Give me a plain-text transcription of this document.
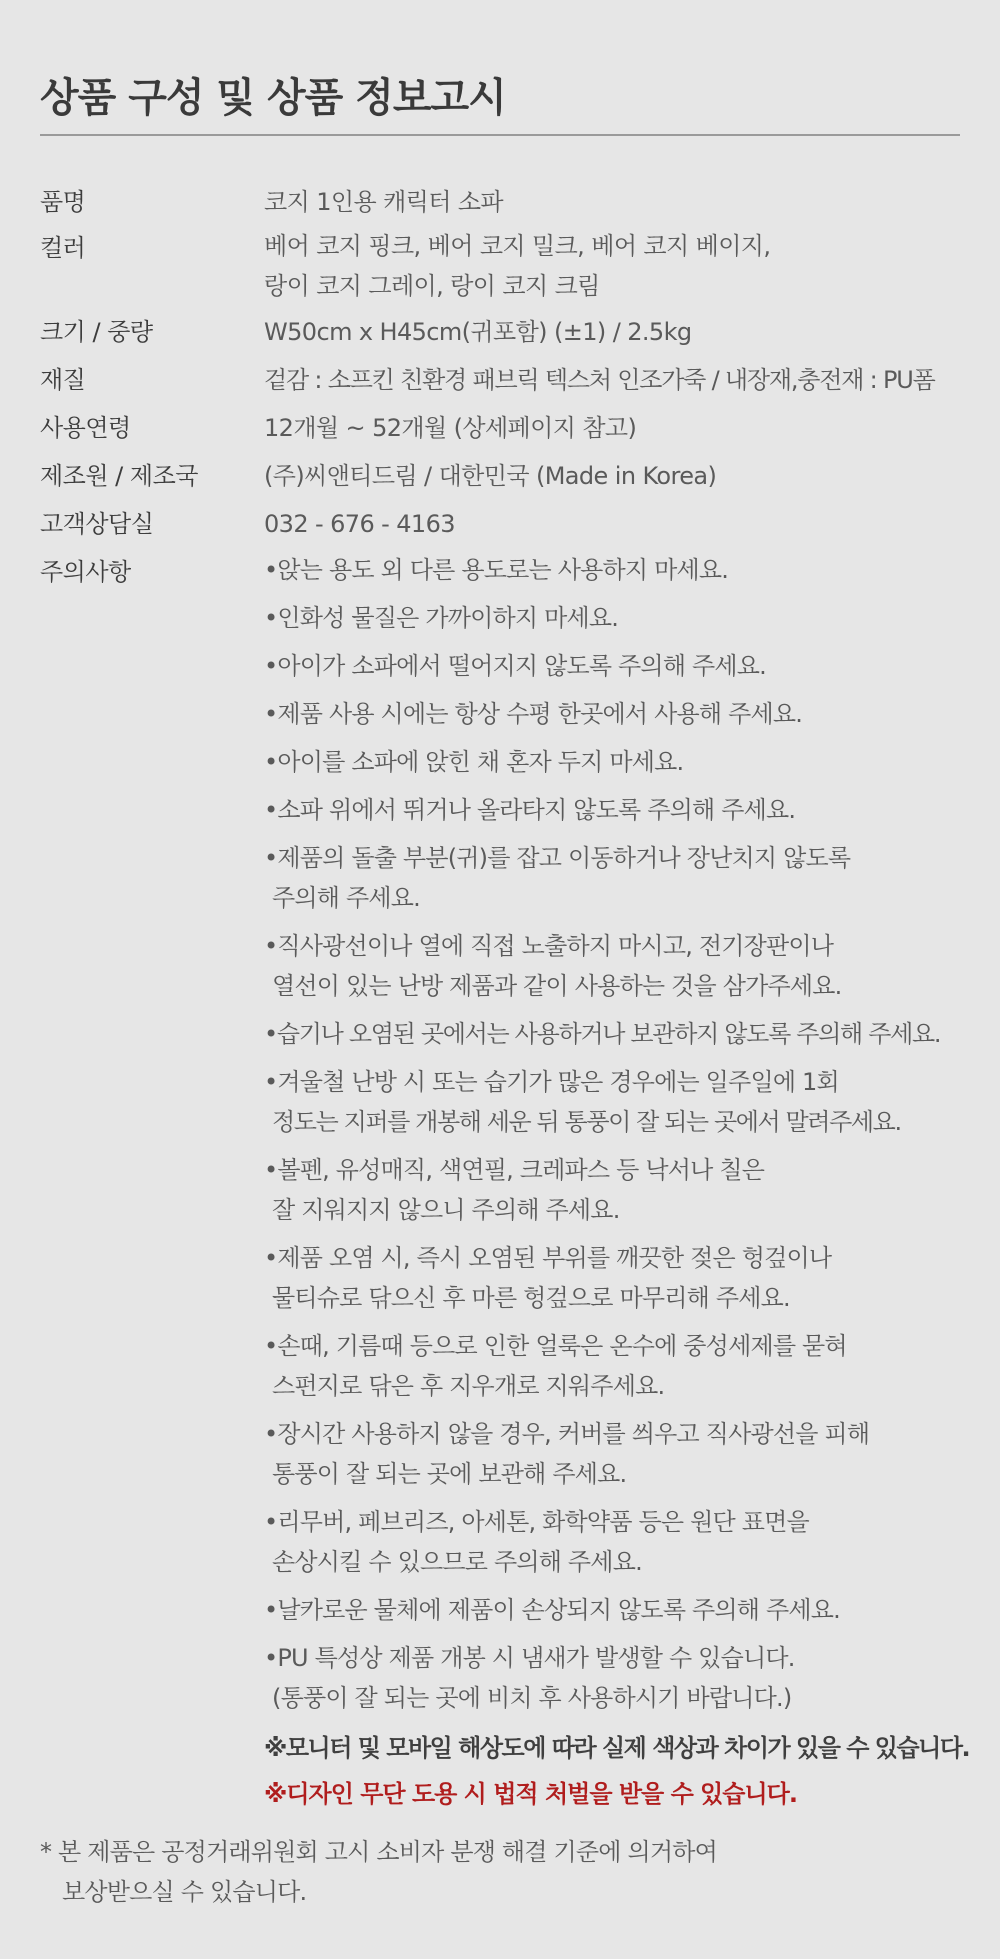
상품 구성 및 상품 정보고시
품명	코지 1인용 캐릭터 소파
컬러	베어 코지 핑크, 베어 코지 밀크, 베어 코지 베이지,
랑이 코지 그레이, 랑이 코지 크림
크기 / 중량	W50cm x H45cm(귀포함) (±1) / 2.5kg
재질	겉감 : 소프킨 친환경 패브릭 텍스처 인조가죽 / 내장재,충전재 : PU폼
사용연령	12개월 ~ 52개월 (상세페이지 참고)
제조원 / 제조국	(주)씨앤티드림 / 대한민국 (Made in Korea)
고객상담실	032 - 676 - 4163
주의사항	•앉는 용도 외 다른 용도로는 사용하지 마세요.
•인화성 물질은 가까이하지 마세요.
•아이가 소파에서 떨어지지 않도록 주의해 주세요.
•제품 사용 시에는 항상 수평 한곳에서 사용해 주세요.
•아이를 소파에 앉힌 채 혼자 두지 마세요.
•소파 위에서 뛰거나 올라타지 않도록 주의해 주세요.
•제품의 돌출 부분(귀)를 잡고 이동하거나 장난치지 않도록
주의해 주세요.
•직사광선이나 열에 직접 노출하지 마시고, 전기장판이나
열선이 있는 난방 제품과 같이 사용하는 것을 삼가주세요.
•습기나 오염된 곳에서는 사용하거나 보관하지 않도록 주의해 주세요.
•겨울철 난방 시 또는 습기가 많은 경우에는 일주일에 1회
정도는 지퍼를 개봉해 세운 뒤 통풍이 잘 되는 곳에서 말려주세요.
•볼펜, 유성매직, 색연필, 크레파스 등 낙서나 칠은
잘 지워지지 않으니 주의해 주세요.
•제품 오염 시, 즉시 오염된 부위를 깨끗한 젖은 헝겊이나
물티슈로 닦으신 후 마른 헝겊으로 마무리해 주세요.
•손때, 기름때 등으로 인한 얼룩은 온수에 중성세제를 묻혀
스펀지로 닦은 후 지우개로 지워주세요.
•장시간 사용하지 않을 경우, 커버를 씌우고 직사광선을 피해
통풍이 잘 되는 곳에 보관해 주세요.
•리무버, 페브리즈, 아세톤, 화학약품 등은 원단 표면을
손상시킬 수 있으므로 주의해 주세요.
•날카로운 물체에 제품이 손상되지 않도록 주의해 주세요.
•PU 특성상 제품 개봉 시 냄새가 발생할 수 있습니다.
(통풍이 잘 되는 곳에 비치 후 사용하시기 바랍니다.)
※모니터 및 모바일 해상도에 따라 실제 색상과 차이가 있을 수 있습니다.
※디자인 무단 도용 시 법적 처벌을 받을 수 있습니다.
* 본 제품은 공정거래위원회 고시 소비자 분쟁 해결 기준에 의거하여
보상받으실 수 있습니다.
